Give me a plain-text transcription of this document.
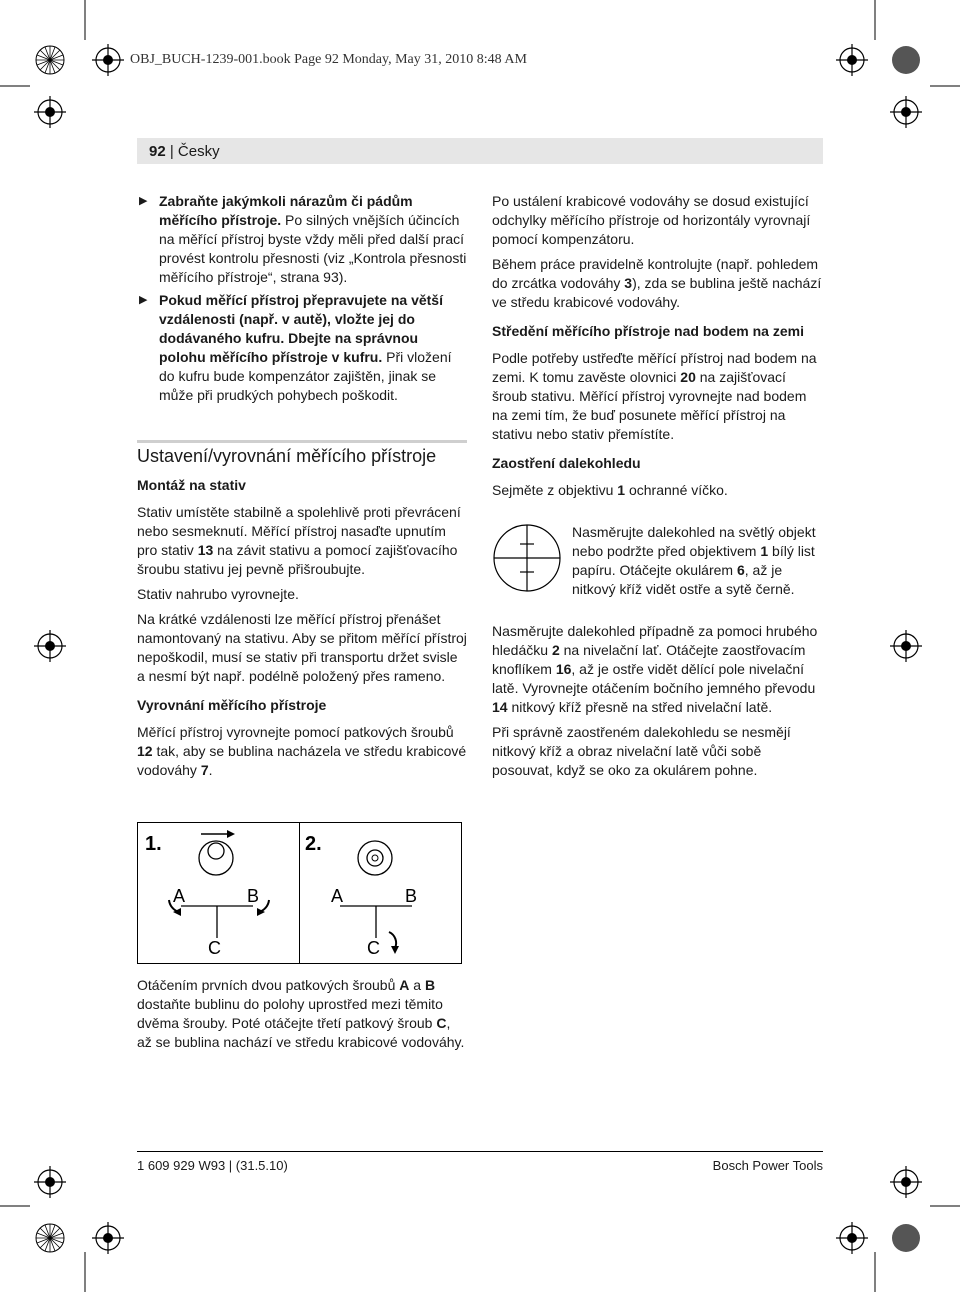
OBJ_BUCH-1239-001.book Page 92 Monday, May 31, 2010 8:48 AM
92 | Česky

▶ Zabraňte jakýmkoli nárazům či pádům měřícího přístroje. Po silných vnějších účincích na měřící přístroj byste vždy měli před další prací provést kontrolu přesnosti (viz „Kontrola přesnosti měřícího přístroje“, strana 93).

▶ Pokud měřící přístroj přepravujete na větší vzdálenosti (např. v autě), vložte jej do dodávaného kufru. Dbejte na správnou polohu měřícího přístroje v kufru. Při vložení do kufru bude kompenzátor zajištěn, jinak se může při prudkých pohybech poškodit.

Ustavení/vyrovnání měřícího přístroje

Montáž na stativ

Stativ umístěte stabilně a spolehlivě proti převrácení nebo sesmeknutí. Měřící přístroj nasaďte upnutím pro stativ 13 na závit stativu a pomocí zajišťovacího šroubu stativu jej pevně přišroubujte.

Stativ nahrubo vyrovnejte.

Na krátké vzdálenosti lze měřící přístroj přenášet namontovaný na stativu. Aby se přitom měřící přístroj nepoškodil, musí se stativ při transportu držet svisle a nesmí být např. podélně položený přes rameno.

Vyrovnání měřícího přístroje

Měřící přístroj vyrovnejte pomocí patkových šroubů 12 tak, aby se bublina nacházela ve středu krabicové vodováhy 7.

1.	2.
A	B
C
A	B
C

Otáčením prvních dvou patkových šroubů A a B dostaňte bublinu do polohy uprostřed mezi těmito dvěma šrouby. Poté otáčejte třetí patkový šroub C, až se bublina nachází ve středu krabicové vodováhy.

Po ustálení krabicové vodováhy se dosud existující odchylky měřícího přístroje od horizontály vyrovnají pomocí kompenzátoru.

Během práce pravidelně kontrolujte (např. pohledem do zrcátka vodováhy 3), zda se bublina ještě nachází ve středu krabicové vodováhy.

Středění měřícího přístroje nad bodem na zemi

Podle potřeby ustřeďte měřící přístroj nad bodem na zemi. K tomu zavěste olovnici 20 na zajišťovací šroub stativu. Měřící přístroj vyrovnejte nad bodem na zemi tím, že buď posunete měřící přístroj na stativu nebo stativ přemístíte.

Zaostření dalekohledu

Sejměte z objektivu 1 ochranné víčko.

Nasměrujte dalekohled na světlý objekt nebo podržte před objektivem 1 bílý list papíru. Otáčejte okulárem 6, až je nitkový kříž vidět ostře a sytě černě.

Nasměrujte dalekohled případně za pomoci hrubého hledáčku 2 na nivelační lať. Otáčejte zaostřovacím knoflíkem 16, až je ostře vidět dělící pole nivelační latě. Vyrovnejte otáčením bočního jemného převodu 14 nitkový kříž přesně na střed nivelační latě.

Při správně zaostřeném dalekohledu se nesmějí nitkový kříž a obraz nivelační latě vůči sobě posouvat, když se oko za okulárem pohne.

1 609 929 W93 | (31.5.10)	Bosch Power Tools
